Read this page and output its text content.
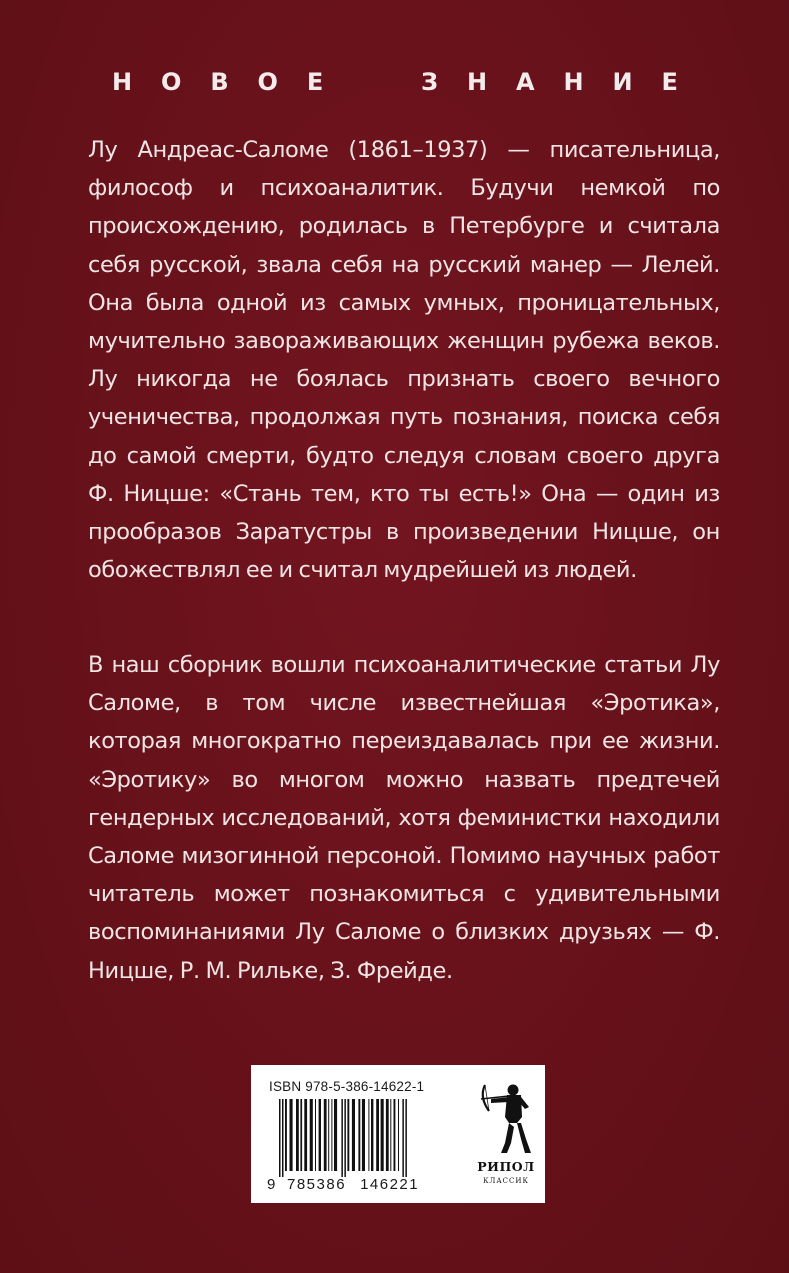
Н О В О Е	З Н А Н И Е

Лу Андреас-Саломе (1861–1937) — писательница, философ и психоаналитик. Будучи немкой по происхождению, родилась в Петербурге и считала себя русской, звала себя на русский манер — Лелей. Она была одной из самых умных, проницательных, мучительно завораживающих женщин рубежа веков. Лу никогда не боялась признать своего вечного ученичества, продолжая путь познания, поиска себя до самой смерти, будто следуя словам своего друга Ф. Ницше: «Стань тем, кто ты есть!» Она — один из прообразов Заратустры в произведении Ницше, он обожествлял ее и считал мудрейшей из людей.

В наш сборник вошли психоаналитические статьи Лу Саломе, в том числе известнейшая «Эротика», которая многократно переиздавалась при ее жизни. «Эротику» во многом можно назвать предтечей гендерных исследований, хотя феминистки находили Саломе мизогинной персоной. Помимо научных работ читатель может познакомиться с удивительными воспоминаниями Лу Саломе о близких друзьях — Ф. Ницше, Р. М. Рильке, З. Фрейде.

ISBN 978-5-386-14622-1
9 785386 146221
РИПОЛ
КЛАССИК
